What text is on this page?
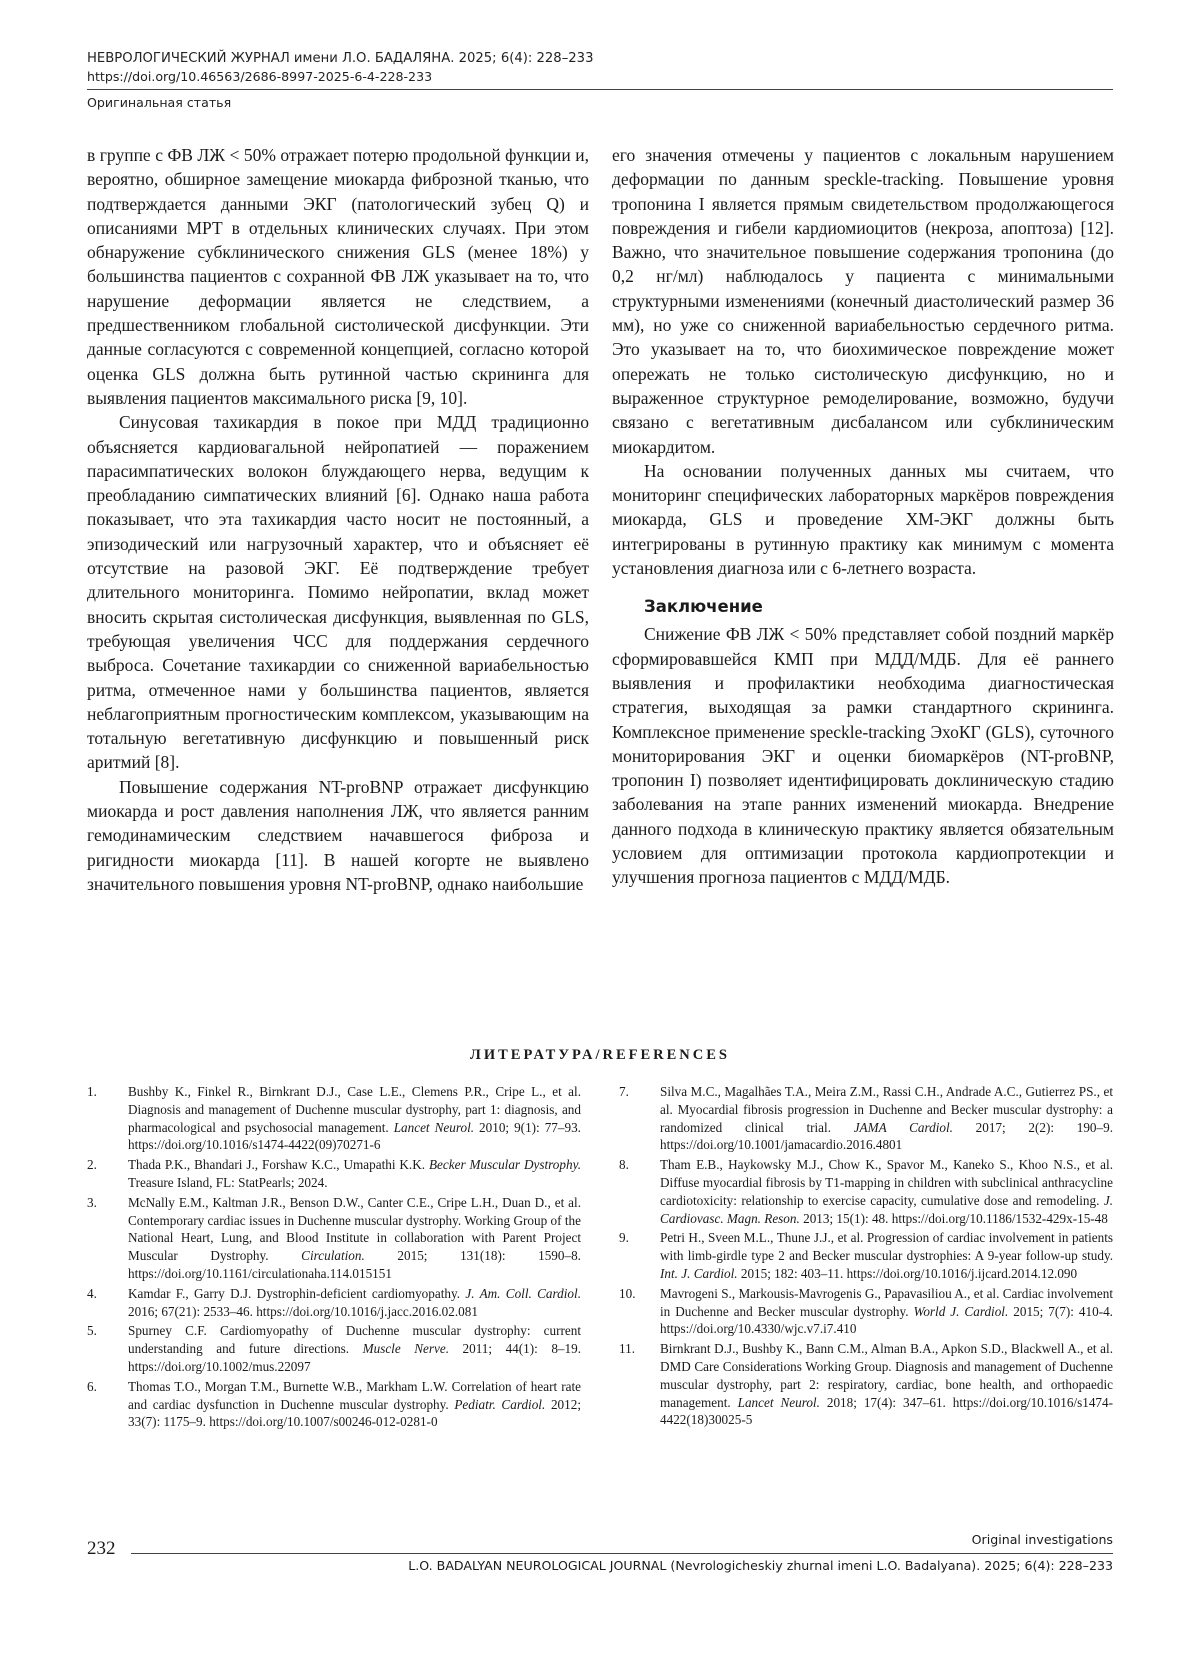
НЕВРОЛОГИЧЕСКИЙ ЖУРНАЛ имени Л.О. БАДАЛЯНА. 2025; 6(4): 228–233
https://doi.org/10.46563/2686-8997-2025-6-4-228-233
Оригинальная статья

в группе с ФВ ЛЖ < 50% отражает потерю продольной функции и, вероятно, обширное замещение миокарда фиброзной тканью, что подтверждается данными ЭКГ (патологический зубец Q) и описаниями МРТ в отдельных клинических случаях. При этом обнаружение субклинического снижения GLS (менее 18%) у большинства пациентов с сохранной ФВ ЛЖ указывает на то, что нарушение деформации является не следствием, а предшественником глобальной систолической дисфункции. Эти данные согласуются с современной концепцией, согласно которой оценка GLS должна быть рутинной частью скрининга для выявления пациентов максимального риска [9, 10].

Синусовая тахикардия в покое при МДД традиционно объясняется кардиовагальной нейропатией — поражением парасимпатических волокон блуждающего нерва, ведущим к преобладанию симпатических влияний [6]. Однако наша работа показывает, что эта тахикардия часто носит не постоянный, а эпизодический или нагрузочный характер, что и объясняет её отсутствие на разовой ЭКГ. Её подтверждение требует длительного мониторинга. Помимо нейропатии, вклад может вносить скрытая систолическая дисфункция, выявленная по GLS, требующая увеличения ЧСС для поддержания сердечного выброса. Сочетание тахикардии со сниженной вариабельностью ритма, отмеченное нами у большинства пациентов, является неблагоприятным прогностическим комплексом, указывающим на тотальную вегетативную дисфункцию и повышенный риск аритмий [8].

Повышение содержания NT-proBNP отражает дисфункцию миокарда и рост давления наполнения ЛЖ, что является ранним гемодинамическим следствием начавшегося фиброза и ригидности миокарда [11]. В нашей когорте не выявлено значительного повышения уровня NT-proBNP, однако наибольшие

его значения отмечены у пациентов с локальным нарушением деформации по данным speckle-tracking. Повышение уровня тропонина I является прямым свидетельством продолжающегося повреждения и гибели кардиомиоцитов (некроза, апоптоза) [12]. Важно, что значительное повышение содержания тропонина (до 0,2 нг/мл) наблюдалось у пациента с минимальными структурными изменениями (конечный диастолический размер 36 мм), но уже со сниженной вариабельностью сердечного ритма. Это указывает на то, что биохимическое повреждение может опережать не только систолическую дисфункцию, но и выраженное структурное ремоделирование, возможно, будучи связано с вегетативным дисбалансом или субклиническим миокардитом.

На основании полученных данных мы считаем, что мониторинг специфических лабораторных маркёров повреждения миокарда, GLS и проведение ХМ-ЭКГ должны быть интегрированы в рутинную практику как минимум с момента установления диагноза или с 6-летнего возраста.

Заключение

Снижение ФВ ЛЖ < 50% представляет собой поздний маркёр сформировавшейся КМП при МДД/МДБ. Для её раннего выявления и профилактики необходима диагностическая стратегия, выходящая за рамки стандартного скрининга. Комплексное применение speckle-tracking ЭхоКГ (GLS), суточного мониторирования ЭКГ и оценки биомаркёров (NT-proBNP, тропонин I) позволяет идентифицировать доклиническую стадию заболевания на этапе ранних изменений миокарда. Внедрение данного подхода в клиническую практику является обязательным условием для оптимизации протокола кардиопротекции и улучшения прогноза пациентов с МДД/МДБ.

ЛИТЕРАТУРА/REFERENCES
1. Bushby K., Finkel R., Birnkrant D.J., Case L.E., Clemens P.R., Cripe L., et al. Diagnosis and management of Duchenne muscular dystrophy, part 1: diagnosis, and pharmacological and psychosocial management. Lancet Neurol. 2010; 9(1): 77–93. https://doi.org/10.1016/s1474-4422(09)70271-6
2. Thada P.K., Bhandari J., Forshaw K.C., Umapathi K.K. Becker Muscular Dystrophy. Treasure Island, FL: StatPearls; 2024.
3. McNally E.M., Kaltman J.R., Benson D.W., Canter C.E., Cripe L.H., Duan D., et al. Contemporary cardiac issues in Duchenne muscular dystrophy. Working Group of the National Heart, Lung, and Blood Institute in collaboration with Parent Project Muscular Dystrophy. Circulation. 2015; 131(18): 1590–8. https://doi.org/10.1161/circulationaha.114.015151
4. Kamdar F., Garry D.J. Dystrophin-deficient cardiomyopathy. J. Am. Coll. Cardiol. 2016; 67(21): 2533–46. https://doi.org/10.1016/j.jacc.2016.02.081
5. Spurney C.F. Cardiomyopathy of Duchenne muscular dystrophy: current understanding and future directions. Muscle Nerve. 2011; 44(1): 8–19. https://doi.org/10.1002/mus.22097
6. Thomas T.O., Morgan T.M., Burnette W.B., Markham L.W. Correlation of heart rate and cardiac dysfunction in Duchenne muscular dystrophy. Pediatr. Cardiol. 2012; 33(7): 1175–9. https://doi.org/10.1007/s00246-012-0281-0
7. Silva M.C., Magalhães T.A., Meira Z.M., Rassi C.H., Andrade A.C., Gutierrez PS., et al. Myocardial fibrosis progression in Duchenne and Becker muscular dystrophy: a randomized clinical trial. JAMA Cardiol. 2017; 2(2): 190–9. https://doi.org/10.1001/jamacardio.2016.4801
8. Tham E.B., Haykowsky M.J., Chow K., Spavor M., Kaneko S., Khoo N.S., et al. Diffuse myocardial fibrosis by T1-mapping in children with subclinical anthracycline cardiotoxicity: relationship to exercise capacity, cumulative dose and remodeling. J. Cardiovasc. Magn. Reson. 2013; 15(1): 48. https://doi.org/10.1186/1532-429x-15-48
9. Petri H., Sveen M.L., Thune J.J., et al. Progression of cardiac involvement in patients with limb-girdle type 2 and Becker muscular dystrophies: A 9-year follow-up study. Int. J. Cardiol. 2015; 182: 403–11. https://doi.org/10.1016/j.ijcard.2014.12.090
10. Mavrogeni S., Markousis-Mavrogenis G., Papavasiliou A., et al. Cardiac involvement in Duchenne and Becker muscular dystrophy. World J. Cardiol. 2015; 7(7): 410-4. https://doi.org/10.4330/wjc.v7.i7.410
11. Birnkrant D.J., Bushby K., Bann C.M., Alman B.A., Apkon S.D., Blackwell A., et al. DMD Care Considerations Working Group. Diagnosis and management of Duchenne muscular dystrophy, part 2: respiratory, cardiac, bone health, and orthopaedic management. Lancet Neurol. 2018; 17(4): 347–61. https://doi.org/10.1016/s1474-4422(18)30025-5
232	Original investigations
L.O. BADALYAN NEUROLOGICAL JOURNAL (Nevrologicheskiy zhurnal imeni L.O. Badalyana). 2025; 6(4): 228–233
